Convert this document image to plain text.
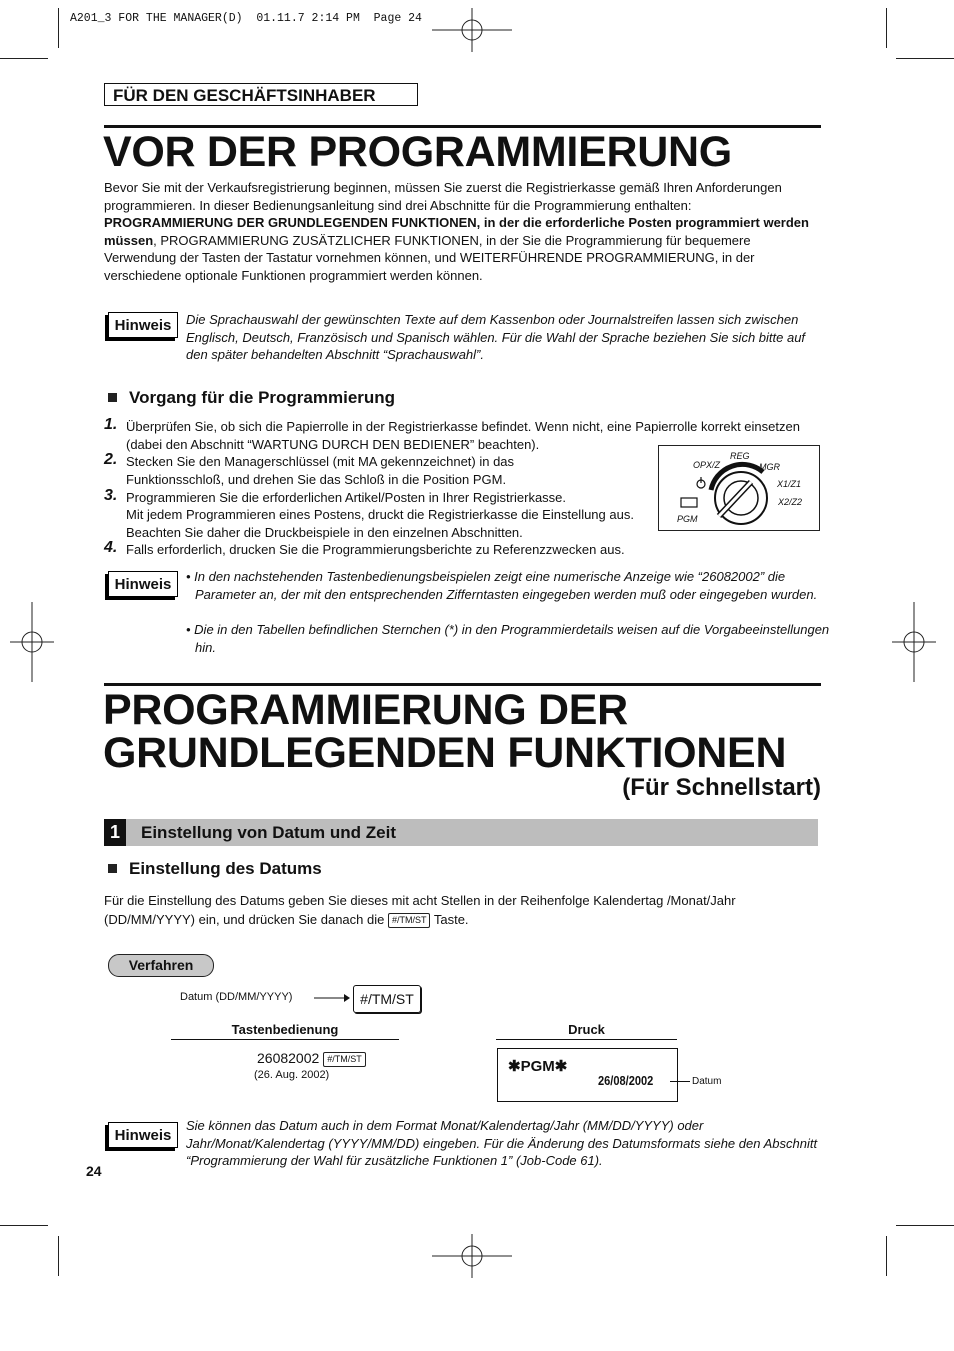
A201_3 FOR THE MANAGER(D)  01.11.7 2:14 PM  Page 24
FÜR DEN GESCHÄFTSINHABER
VOR DER PROGRAMMIERUNG
Bevor Sie mit der Verkaufsregistrierung beginnen, müssen Sie zuerst die Registrierkasse gemäß Ihren Anforderungen programmieren. In dieser Bedienungsanleitung sind drei Abschnitte für die Programmierung enthalten: PROGRAMMIERUNG DER GRUNDLEGENDEN FUNKTIONEN, in der die erforderliche Posten programmiert werden müssen, PROGRAMMIERUNG ZUSÄTZLICHER FUNKTIONEN, in der Sie die Programmierung für bequemere Verwendung der Tasten der Tastatur vornehmen können, und WEITERFÜHRENDE PROGRAMMIERUNG, in der verschiedene optionale Funktionen programmiert werden können.
Hinweis	Die Sprachauswahl der gewünschten Texte auf dem Kassenbon oder Journalstreifen lassen sich zwischen Englisch, Deutsch, Französisch und Spanisch wählen. Für die Wahl der Sprache beziehen Sie sich bitte auf den später behandelten Abschnitt “Sprachauswahl”.
Vorgang für die Programmierung
1. Überprüfen Sie, ob sich die Papierrolle in der Registrierkasse befindet. Wenn nicht, eine Papierrolle korrekt einsetzen (dabei den Abschnitt “WARTUNG DURCH DEN BEDIENER” beachten).
2. Stecken Sie den Managerschlüssel (mit MA gekennzeichnet) in das Funktionsschloß, und drehen Sie das Schloß in die Position PGM.
3. Programmieren Sie die erforderlichen Artikel/Posten in Ihrer Registrierkasse.
Mit jedem Programmieren eines Postens, druckt die Registrierkasse die Einstellung aus. Beachten Sie daher die Druckbeispiele in den einzelnen Abschnitten.
4. Falls erforderlich, drucken Sie die Programmierungsberichte zu Referenzzwecken aus.
REG
OPX/Z	MGR
X1/Z1
X2/Z2
PGM
Hinweis	• In den nachstehenden Tastenbedienungsbeispielen zeigt eine numerische Anzeige wie “26082002” die Parameter an, der mit den entsprechenden Zifferntasten eingegeben werden muß oder eingegeben wurden.
• Die in den Tabellen befindlichen Sternchen (*) in den Programmierdetails weisen auf die Vorgabeeinstellungen hin.
PROGRAMMIERUNG DER
GRUNDLEGENDEN FUNKTIONEN
(Für Schnellstart)
1	Einstellung von Datum und Zeit
Einstellung des Datums
Für die Einstellung des Datums geben Sie dieses mit acht Stellen in der Reihenfolge Kalendertag /Monat/Jahr (DD/MM/YYYY) ein, und drücken Sie danach die #/TM/ST Taste.
Verfahren
Datum (DD/MM/YYYY)	#/TM/ST
Tastenbedienung
26082002 #/TM/ST
(26. Aug. 2002)
Druck
✱PGM✱
26/08/2002	Datum
Hinweis
Sie können das Datum auch in dem Format Monat/Kalendertag/Jahr (MM/DD/YYYY) oder Jahr/Monat/Kalendertag (YYYY/MM/DD) eingeben. Für die Änderung des Datumsformats siehe den Abschnitt “Programmierung der Wahl für zusätzliche Funktionen 1” (Job-Code 61).
24
